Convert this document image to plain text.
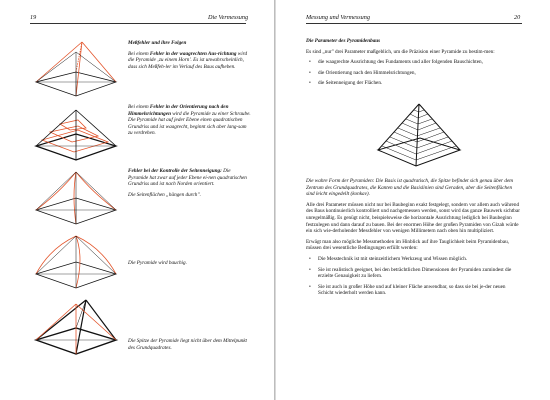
19	Die Vermessung

Meßfehler und ihre Folgen

Bei einem Fehler in der waagrechten Aus-richtung wird die Pyramide ‚zu einem Horn'. Es ist unwahrscheinlich, dass sich Meßfeh-ler im Verlauf des Baus aufheben.

Bei einem Fehler in der Orientierung nach den Himmelsrichtungen wird die Pyramide zu einer Schraube. Die Pyramide hat auf jeder Ebene einen quadratischen Grundriss und ist waagrecht, beginnt sich aber lang-sam zu verdrehen.

Fehler bei der Kontrolle der Seitenneigung: Die Pyramide hat zwar auf jeder Ebene ei-nen quadratischen Grundriss und ist nach Norden orientiert.

Die Seitenflächen „hängen durch".

Die Pyramide wird bauchig.

Die Spitze der Pyramide liegt nicht über dem Mittelpunkt des Grundquadrates.

Messung und Vermessung	20

Die Parameter des Pyramidenbaus

Es sind „nur" drei Parameter maßgeblich, um die Präzision einer Pyramide zu bestim-men:

• die waagrechte Ausrichtung des Fundaments und aller folgenden Bauschichten,
• die Orientierung nach den Himmelsrichtungen,
• die Seitenneigung der Flächen.

Die wahre Form der Pyramiden: Die Basis ist quadratisch, die Spitze befindet sich genau über dem Zentrum des Grundquadrates, die Kanten und die Basislinien sind Geraden, aber die Seitenflächen sind leicht eingedellt (konkav).

Alle drei Parameter müssen nicht nur bei Baubeginn exakt festgelegt, sondern vor allem auch während des Baus kontinuierlich kontrolliert und nachgemessen werden, sonst wird das ganze Bauwerk sichtbar unregelmäßig. Es genügt nicht, beispielsweise die horizontale Ausrichtung lediglich bei Baubeginn festzulegen und dann darauf zu bauen. Bei der enormen Höhe der großen Pyramiden von Gizah würde ein sich wie-derholender Messfehler von wenigen Millimetern nach oben hin multipliziert.

Erwägt man also mögliche Messmethoden im Hinblick auf ihre Tauglichkeit beim Pyramidenbau, müssen drei wesentliche Bedingungen erfüllt werden:

• Die Messtechnik ist mit steinzeitlichem Werkzeug und Wissen möglich.
• Sie ist realistisch geeignet, bei den beträchtlichen Dimensionen der Pyramiden zumindest die erzielte Genauigkeit zu liefern.
• Sie ist auch in großer Höhe und auf kleiner Fläche anwendbar, so dass sie bei je-der neuen Schicht wiederholt werden kann.
